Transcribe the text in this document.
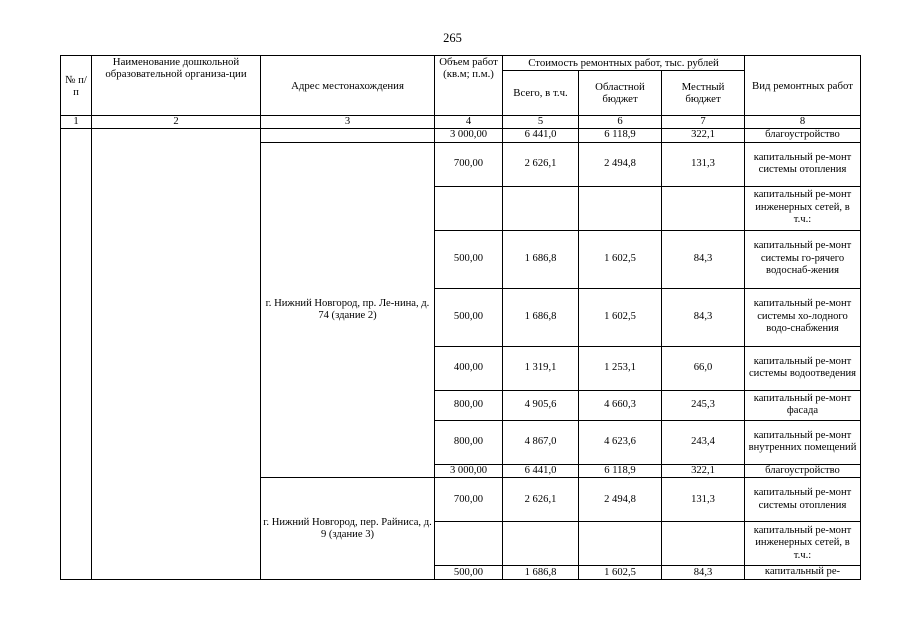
265
№ п/п	Наименование дошкольной образовательной организа-ции	Адрес местонахождения	Объем работ (кв.м; п.м.)	Стоимость ремонтных работ, тыс. рублей			Вид ремонтных работ
				Всего, в т.ч.	Областной бюджет	Местный бюджет	
1	2	3	4	5	6	7	8
			3 000,00	6 441,0	6 118,9	322,1	благоустройство
		г. Нижний Новгород, пр. Ле-нина, д. 74 (здание 2)	700,00	2 626,1	2 494,8	131,3	капитальный ре-монт системы отопления
							капитальный ре-монт инженерных сетей, в т.ч.:
			500,00	1 686,8	1 602,5	84,3	капитальный ре-монт системы го-рячего водоснаб-жения
			500,00	1 686,8	1 602,5	84,3	капитальный ре-монт системы хо-лодного водо-снабжения
			400,00	1 319,1	1 253,1	66,0	капитальный ре-монт системы водоотведения
			800,00	4 905,6	4 660,3	245,3	капитальный ре-монт фасада
			800,00	4 867,0	4 623,6	243,4	капитальный ре-монт внутренних помещений
			3 000,00	6 441,0	6 118,9	322,1	благоустройство
		г. Нижний Новгород, пер. Райниса, д. 9 (здание 3)	700,00	2 626,1	2 494,8	131,3	капитальный ре-монт системы отопления
							капитальный ре-монт инженерных сетей, в т.ч.:
			500,00	1 686,8	1 602,5	84,3	капитальный ре-
